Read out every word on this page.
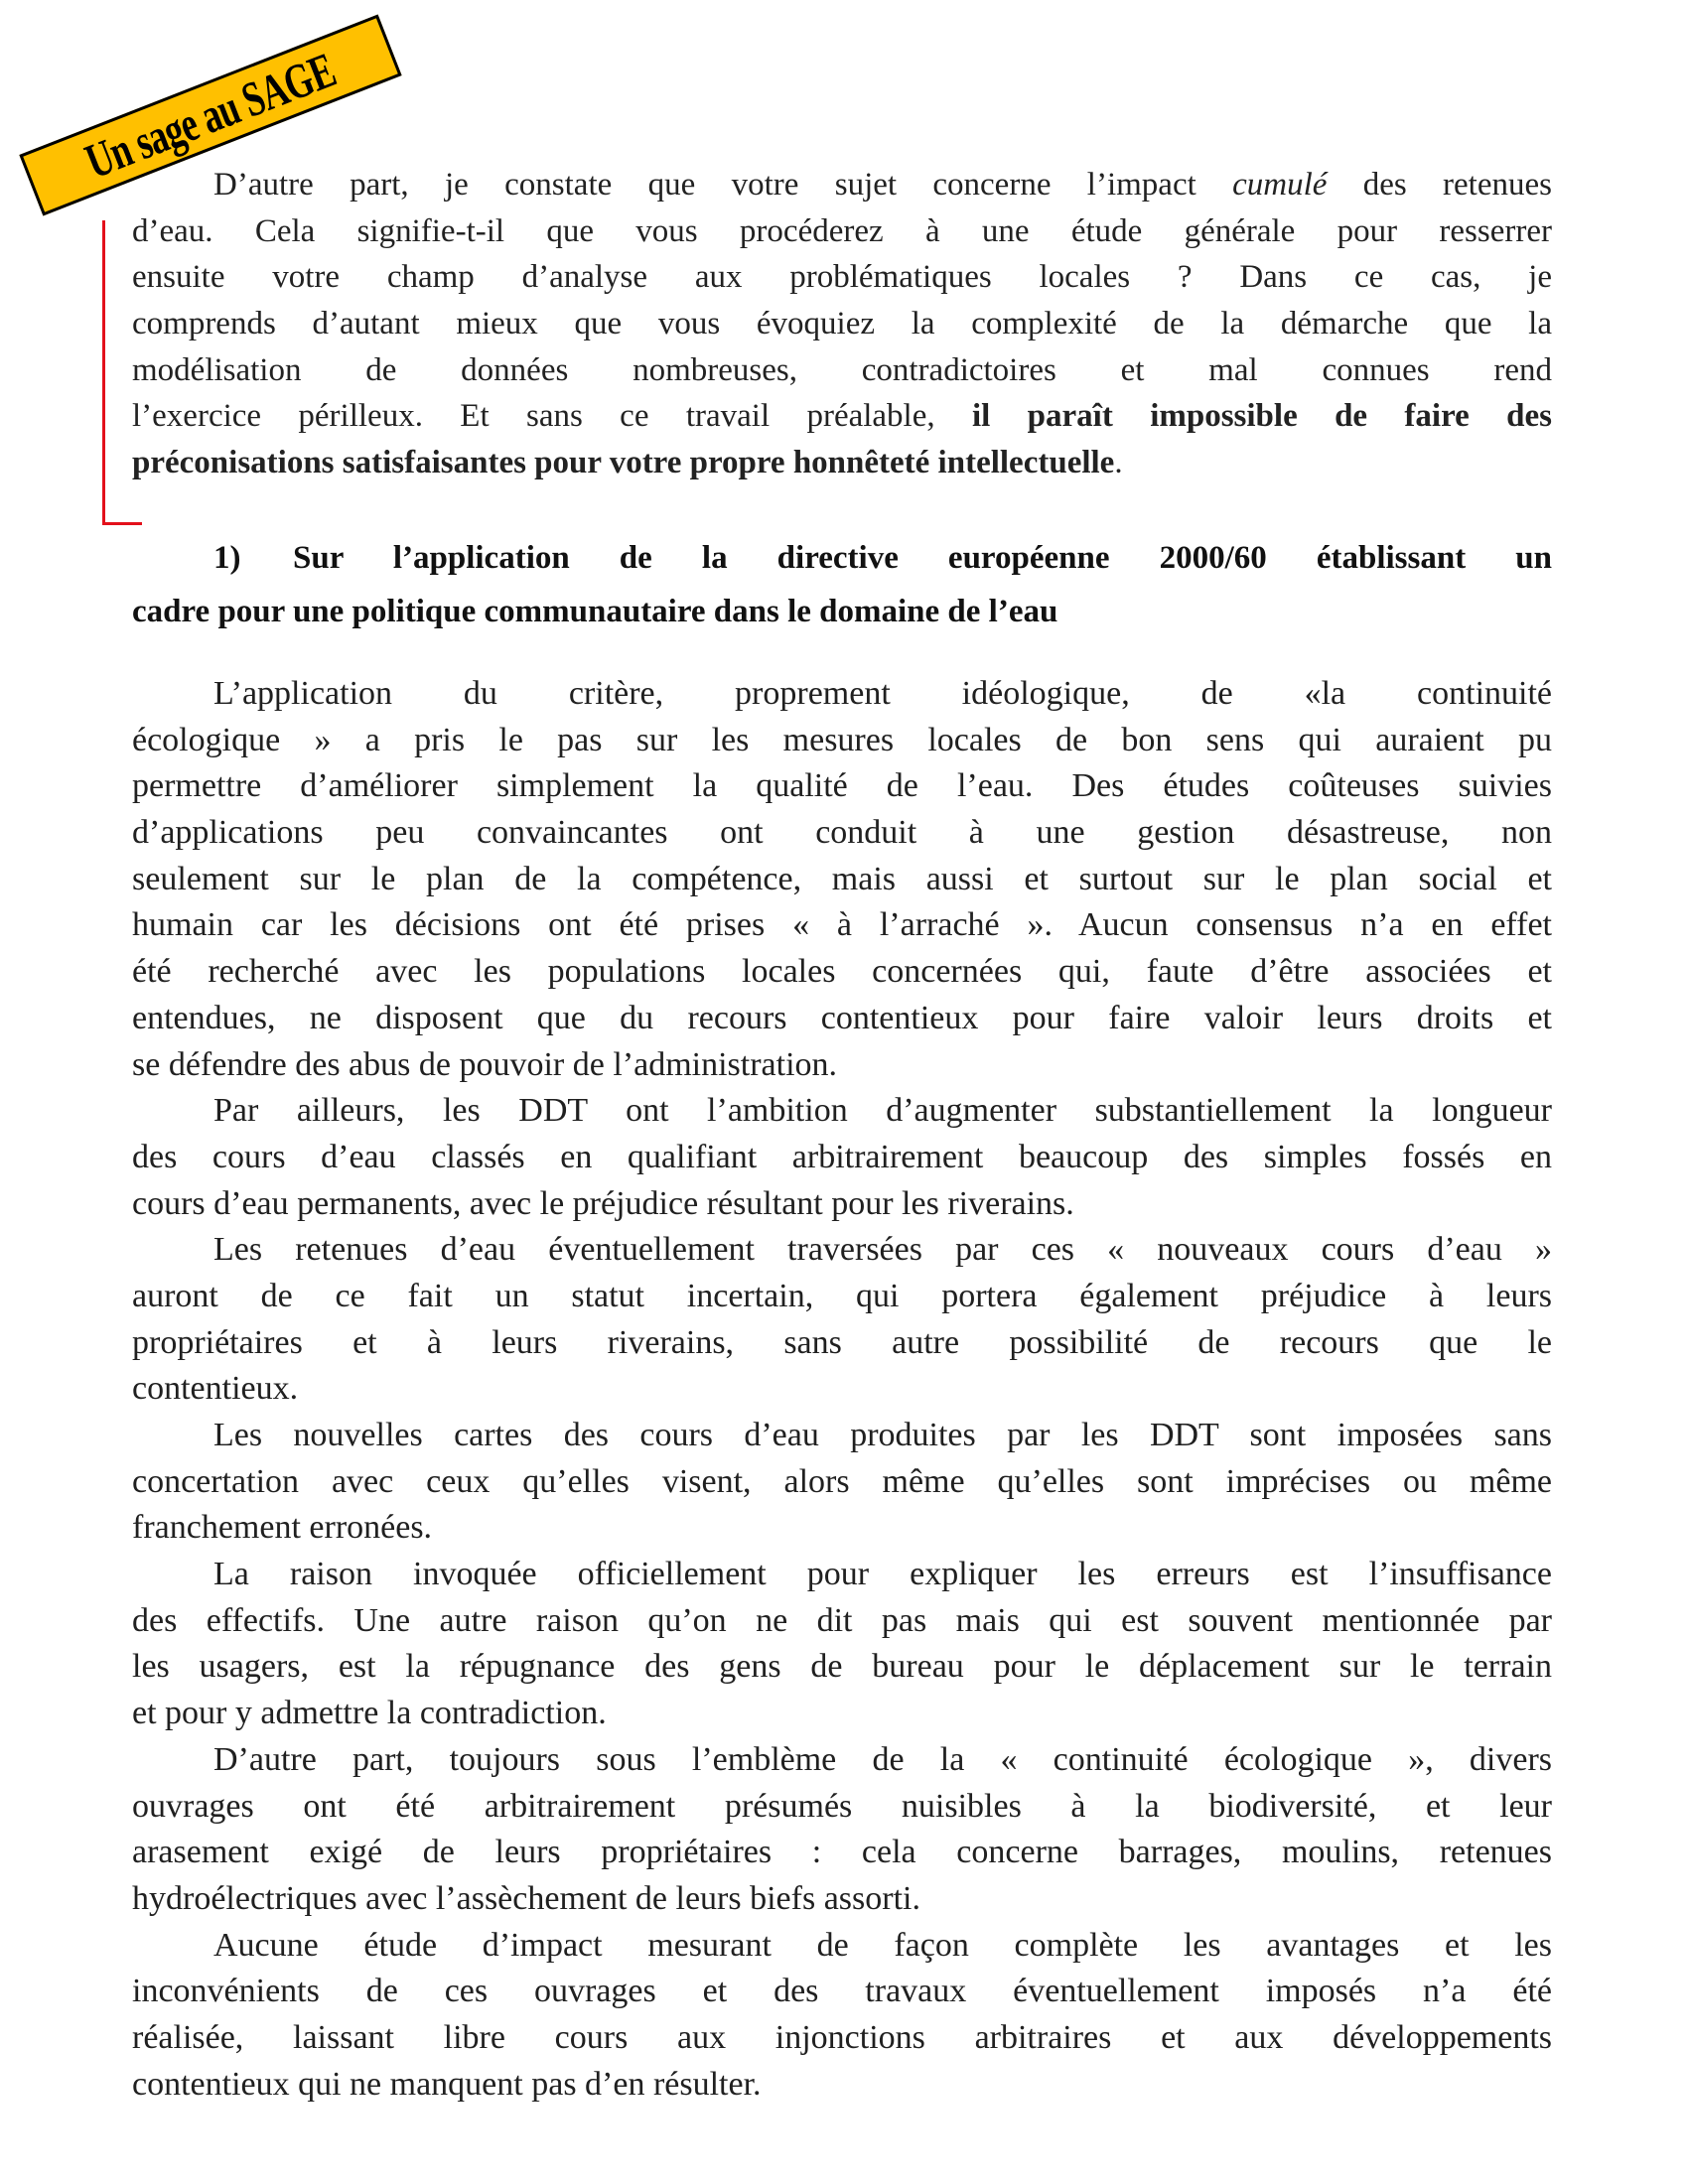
Un sage au SAGE
D’autre part, je constate que votre sujet concerne l’impact cumulé des retenues
d’eau. Cela signifie-t-il que vous procéderez à une étude générale pour resserrer
ensuite votre champ d’analyse aux problématiques locales ? Dans ce cas, je
comprends d’autant mieux que vous évoquiez la complexité de la démarche que la
modélisation de données nombreuses, contradictoires et mal connues rend
l’exercice périlleux. Et sans ce travail préalable, il paraît impossible de faire des
préconisations satisfaisantes pour votre propre honnêteté intellectuelle.
1) Sur l’application de la directive européenne 2000/60 établissant un
cadre pour une politique communautaire dans le domaine de l’eau
L’application du critère, proprement idéologique, de «la continuité
écologique » a pris le pas sur les mesures locales de bon sens qui auraient pu
permettre d’améliorer simplement la qualité de l’eau. Des études coûteuses suivies
d’applications peu convaincantes ont conduit à une gestion désastreuse, non
seulement sur le plan de la compétence, mais aussi et surtout sur le plan social et
humain car les décisions ont été prises « à l’arraché ». Aucun consensus n’a en effet
été recherché avec les populations locales concernées qui, faute d’être associées et
entendues, ne disposent que du recours contentieux pour faire valoir leurs droits et
se défendre des abus de pouvoir de l’administration.
Par ailleurs, les DDT ont l’ambition d’augmenter substantiellement la longueur
des cours d’eau classés en qualifiant arbitrairement beaucoup des simples fossés en
cours d’eau permanents, avec le préjudice résultant pour les riverains.
Les retenues d’eau éventuellement traversées par ces « nouveaux cours d’eau »
auront de ce fait un statut incertain, qui portera également préjudice à leurs
propriétaires et à leurs riverains, sans autre possibilité de recours que le
contentieux.
Les nouvelles cartes des cours d’eau produites par les DDT sont imposées sans
concertation avec ceux qu’elles visent, alors même qu’elles sont imprécises ou même
franchement erronées.
La raison invoquée officiellement pour expliquer les erreurs est l’insuffisance
des effectifs. Une autre raison qu’on ne dit pas mais qui est souvent mentionnée par
les usagers, est la répugnance des gens de bureau pour le déplacement sur le terrain
et pour y admettre la contradiction.
D’autre part, toujours sous l’emblème de la « continuité écologique », divers
ouvrages ont été arbitrairement présumés nuisibles à la biodiversité, et leur
arasement exigé de leurs propriétaires : cela concerne barrages, moulins, retenues
hydroélectriques avec l’assèchement de leurs biefs assorti.
Aucune étude d’impact mesurant de façon complète les avantages et les
inconvénients de ces ouvrages et des travaux éventuellement imposés n’a été
réalisée, laissant libre cours aux injonctions arbitraires et aux développements
contentieux qui ne manquent pas d’en résulter.
